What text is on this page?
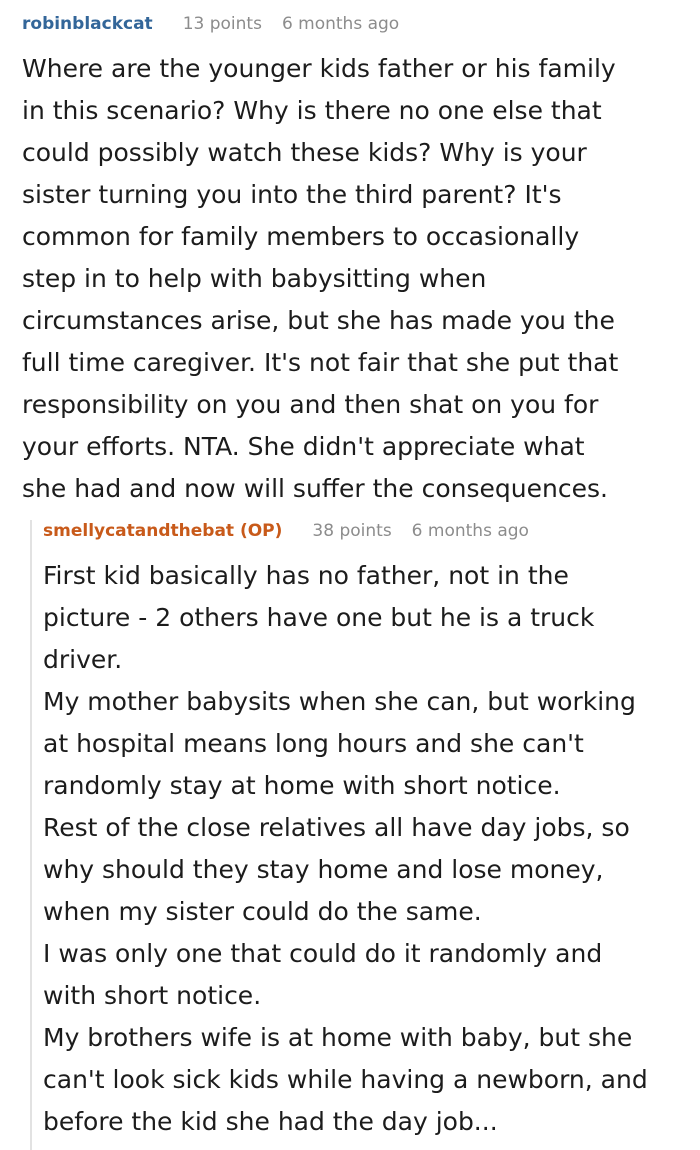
robinblackcat 13 points 6 months ago

Where are the younger kids father or his family

in this scenario? Why is there no one else that

could possibly watch these kids? Why is your

sister turning you into the third parent? It's

common for family members to occasionally

step in to help with babysitting when

circumstances arise, but she has made you the

full time caregiver. It's not fair that she put that

responsibility on you and then shat on you for

your efforts. NTA. She didn't appreciate what

she had and now will suffer the consequences.

smellycatandthebat (OP) 38 points 6 months ago

First kid basically has no father, not in the

picture - 2 others have one but he is a truck

driver.

My mother babysits when she can, but working

at hospital means long hours and she can't

randomly stay at home with short notice.

Rest of the close relatives all have day jobs, so

why should they stay home and lose money,

when my sister could do the same.

I was only one that could do it randomly and

with short notice.

My brothers wife is at home with baby, but she

can't look sick kids while having a newborn, and

before the kid she had the day job...
